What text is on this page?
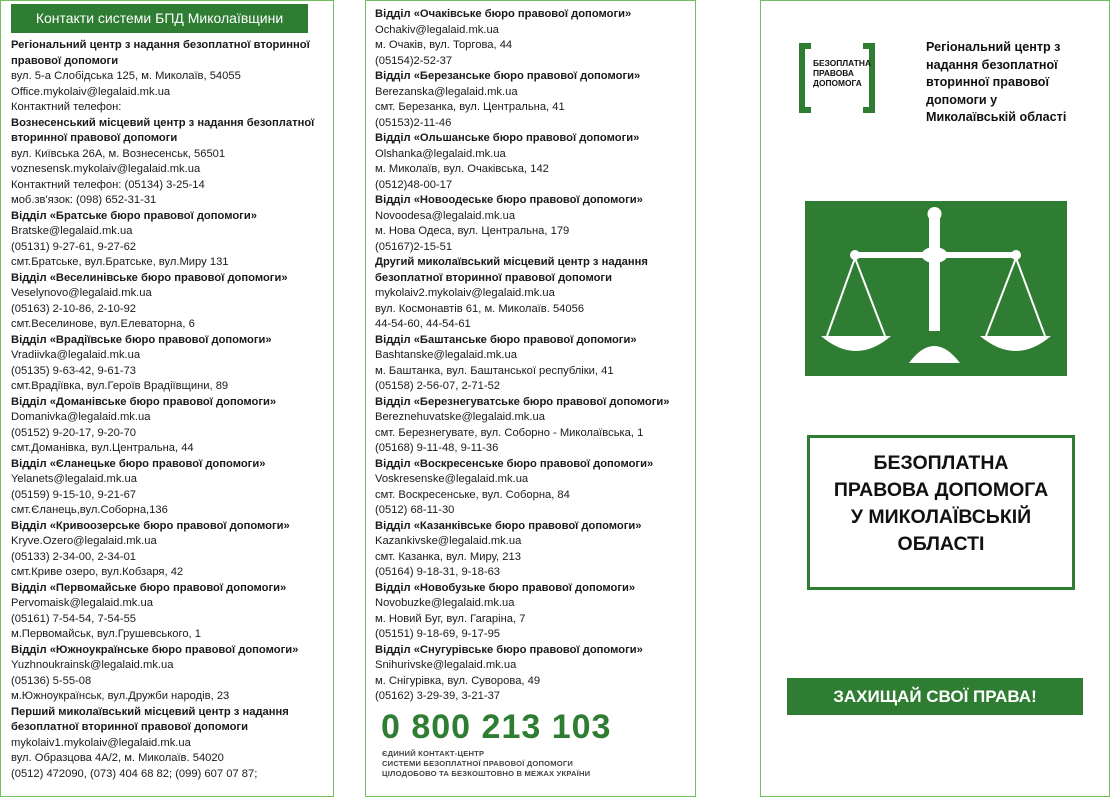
Контакти системи БПД Миколаївщини
Регіональний центр з надання безоплатної вторинної
правової допомоги
вул. 5-а Слобідська 125, м. Миколаїв, 54055
Office.mykolaiv@legalaid.mk.ua
Контактний телефон:
Вознесенський місцевий центр з надання безоплатної
вторинної правової допомоги
вул. Київська 26А, м. Вознесенськ, 56501
voznesensk.mykolaiv@legalaid.mk.ua
Контактний телефон: (05134) 3-25-14
моб.зв'язок: (098) 652-31-31
Відділ «Братське бюро правової допомоги»
Bratske@legalaid.mk.ua
(05131) 9-27-61, 9-27-62
смт.Братське, вул.Братське, вул.Миру 131
Відділ «Веселинівське бюро правової допомоги»
Veselynovo@legalaid.mk.ua
(05163) 2-10-86, 2-10-92
смт.Веселинове, вул.Елеваторна, 6
Відділ «Врадіївське бюро правової допомоги»
Vradiivka@legalaid.mk.ua
(05135) 9-63-42, 9-61-73
смт.Врадіївка, вул.Героїв Врадіївщини, 89
Відділ «Доманівське бюро правової допомоги»
Domanivka@legalaid.mk.ua
(05152) 9-20-17, 9-20-70
смт.Доманівка, вул.Центральна, 44
Відділ «Єланецьке бюро правової допомоги»
Yelanets@legalaid.mk.ua
(05159) 9-15-10, 9-21-67
смт.Єланець,вул.Соборна,136
Відділ «Кривоозерське бюро правової допомоги»
Kryve.Ozero@legalaid.mk.ua
(05133) 2-34-00, 2-34-01
смт.Криве озеро, вул.Кобзаря, 42
Відділ «Первомайське бюро правової допомоги»
Pervomaisk@legalaid.mk.ua
(05161) 7-54-54, 7-54-55
м.Первомайськ, вул.Грушевського, 1
Відділ «Южноукраїнське бюро правової допомоги»
Yuzhnoukrainsk@legalaid.mk.ua
(05136) 5-55-08
м.Южноукраїнськ, вул.Дружби народів, 23
Перший миколаївський місцевий центр з надання
безоплатної вторинної правової допомоги
mykolaiv1.mykolaiv@legalaid.mk.ua
вул. Образцова 4А/2, м. Миколаїв. 54020
(0512) 472090, (073) 404 68 82; (099) 607 07 87;
Відділ «Очаківське бюро правової допомоги»
Ochakiv@legalaid.mk.ua
м. Очаків, вул. Торгова, 44
(05154)2-52-37
Відділ «Березанське бюро правової допомоги»
Berezanska@legalaid.mk.ua
смт. Березанка, вул. Центральна, 41
(05153)2-11-46
Відділ «Ольшанське бюро правової допомоги»
Olshanka@legalaid.mk.ua
м. Миколаїв, вул. Очаківська, 142
(0512)48-00-17
Відділ «Новоодеське бюро правової допомоги»
Novoodesa@legalaid.mk.ua
м. Нова Одеса, вул. Центральна, 179
(05167)2-15-51
Другий миколаївський місцевий центр з надання
безоплатної вторинної правової допомоги
mykolaiv2.mykolaiv@legalaid.mk.ua
вул. Космонавтів 61, м. Миколаїв. 54056
44-54-60, 44-54-61
Відділ «Баштанське бюро правової допомоги»
Bashtanske@legalaid.mk.ua
м. Баштанка, вул. Баштанської республіки, 41
(05158) 2-56-07, 2-71-52
Відділ «Березнегуватське бюро правової допомоги»
Bereznehuvatske@legalaid.mk.ua
смт. Березнегувате, вул. Соборно - Миколаївська, 1
(05168) 9-11-48, 9-11-36
Відділ «Воскресенське бюро правової допомоги»
Voskresenske@legalaid.mk.ua
смт. Воскресенське, вул. Соборна, 84
(0512) 68-11-30
Відділ «Казанківське бюро правової допомоги»
Kazankivske@legalaid.mk.ua
смт. Казанка, вул. Миру, 213
(05164) 9-18-31, 9-18-63
Відділ «Новобузьке бюро правової допомоги»
Novobuzke@legalaid.mk.ua
м. Новий Буг, вул. Гагаріна, 7
(05151) 9-18-69, 9-17-95
Відділ «Снугурівське бюро правової допомоги»
Snihurivske@legalaid.mk.ua
м. Снігурівка, вул. Суворова, 49
(05162) 3-29-39, 3-21-37
0 800 213 103
ЄДИНИЙ КОНТАКТ-ЦЕНТР
СИСТЕМИ БЕЗОПЛАТНОЇ ПРАВОВОЇ ДОПОМОГИ
ЦІЛОДОБОВО ТА БЕЗКОШТОВНО В МЕЖАХ УКРАЇНИ
БЕЗОПЛАТНА
ПРАВОВА
ДОПОМОГА
Регіональний центр з
надання безоплатної
вторинної правової
допомоги у
Миколаївській області
БЕЗОПЛАТНА
ПРАВОВА ДОПОМОГА
У МИКОЛАЇВСЬКІЙ
ОБЛАСТІ
ЗАХИЩАЙ СВОЇ ПРАВА!
